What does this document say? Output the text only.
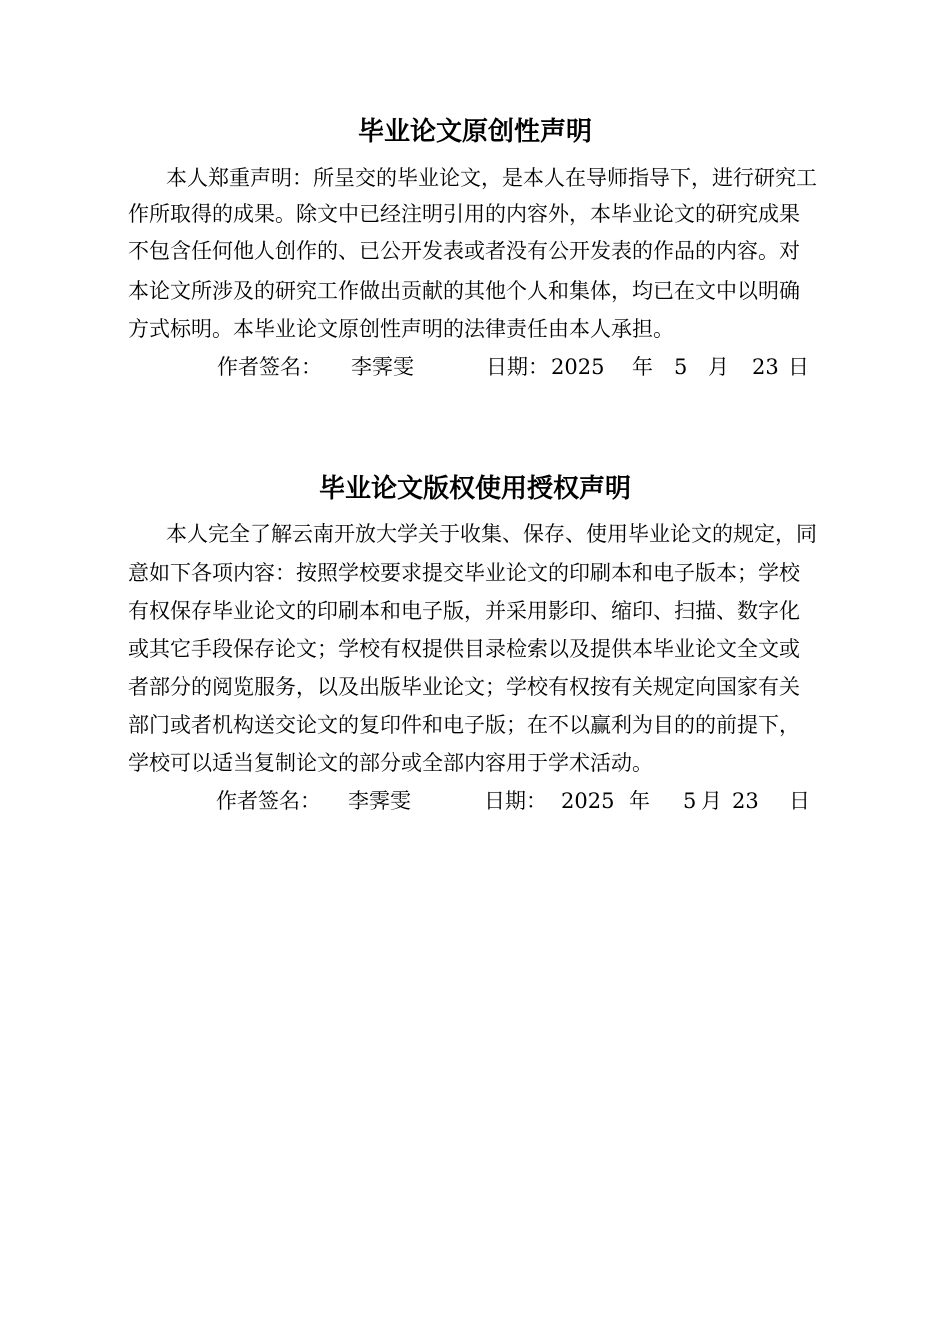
毕业论文原创性声明
本人郑重声明：所呈交的毕业论文，是本人在导师指导下，进行研究工
作所取得的成果。除文中已经注明引用的内容外，本毕业论文的研究成果
不包含任何他人创作的、已公开发表或者没有公开发表的作品的内容。对
本论文所涉及的研究工作做出贡献的其他个人和集体，均已在文中以明确
方式标明。本毕业论文原创性声明的法律责任由本人承担。
作者签名： 李霁雯	日期： 2025 年 5 月 23 日
毕业论文版权使用授权声明
本人完全了解云南开放大学关于收集、保存、使用毕业论文的规定，同
意如下各项内容：按照学校要求提交毕业论文的印刷本和电子版本；学校
有权保存毕业论文的印刷本和电子版，并采用影印、缩印、扫描、数字化
或其它手段保存论文；学校有权提供目录检索以及提供本毕业论文全文或
者部分的阅览服务，以及出版毕业论文；学校有权按有关规定向国家有关
部门或者机构送交论文的复印件和电子版；在不以赢利为目的的前提下，
学校可以适当复制论文的部分或全部内容用于学术活动。
作者签名： 李霁雯	日期： 2025 年 5 月 23 日
